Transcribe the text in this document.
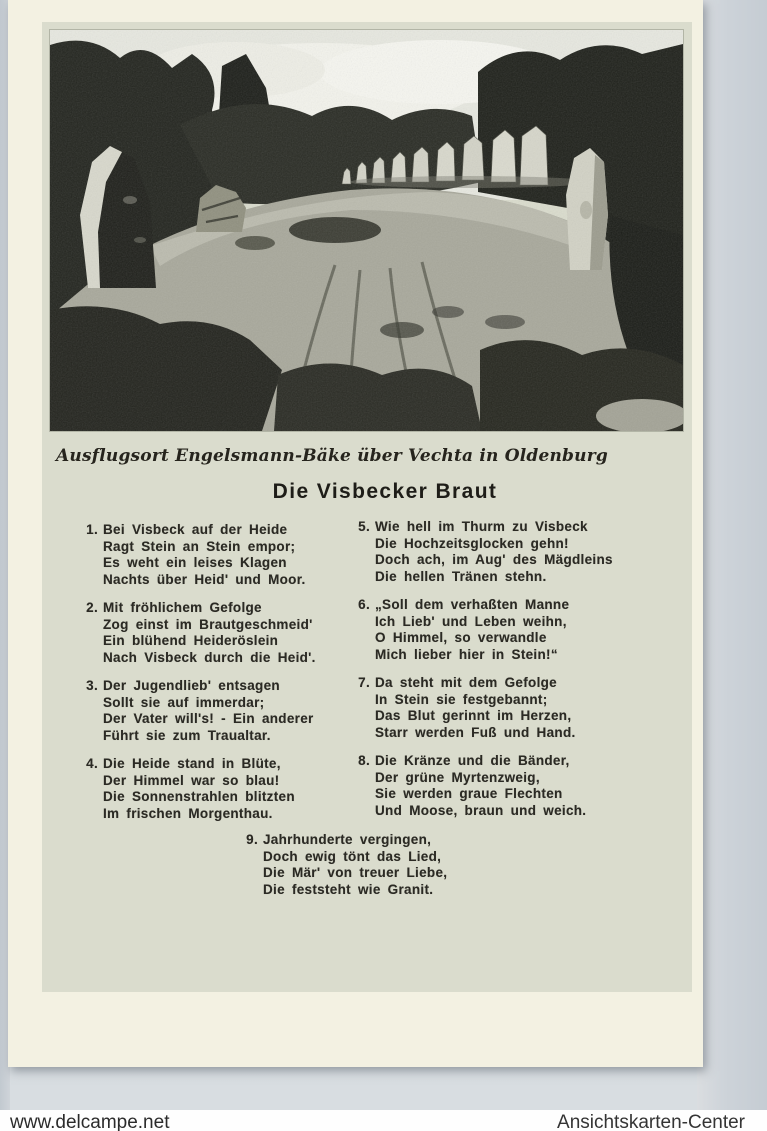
Ausflugsort Engelsmann-Bäke über Vechta in Oldenburg
Die Visbecker Braut
1. Bei Visbeck auf der Heide
Ragt Stein an Stein empor;
Es weht ein leises Klagen
Nachts über Heid' und Moor.
2. Mit fröhlichem Gefolge
Zog einst im Brautgeschmeid'
Ein blühend Heideröslein
Nach Visbeck durch die Heid'.
3. Der Jugendlieb' entsagen
Sollt sie auf immerdar;
Der Vater will's! - Ein anderer
Führt sie zum Traualtar.
4. Die Heide stand in Blüte,
Der Himmel war so blau!
Die Sonnenstrahlen blitzten
Im frischen Morgenthau.
5. Wie hell im Thurm zu Visbeck
Die Hochzeitsglocken gehn!
Doch ach, im Aug' des Mägdleins
Die hellen Tränen stehn.
6. „Soll dem verhaßten Manne
Ich Lieb' und Leben weihn,
O Himmel, so verwandle
Mich lieber hier in Stein!“
7. Da steht mit dem Gefolge
In Stein sie festgebannt;
Das Blut gerinnt im Herzen,
Starr werden Fuß und Hand.
8. Die Kränze und die Bänder,
Der grüne Myrtenzweig,
Sie werden graue Flechten
Und Moose, braun und weich.
9. Jahrhunderte vergingen,
Doch ewig tönt das Lied,
Die Mär' von treuer Liebe,
Die feststeht wie Granit.
www.delcampe.net	Ansichtskarten-Center
